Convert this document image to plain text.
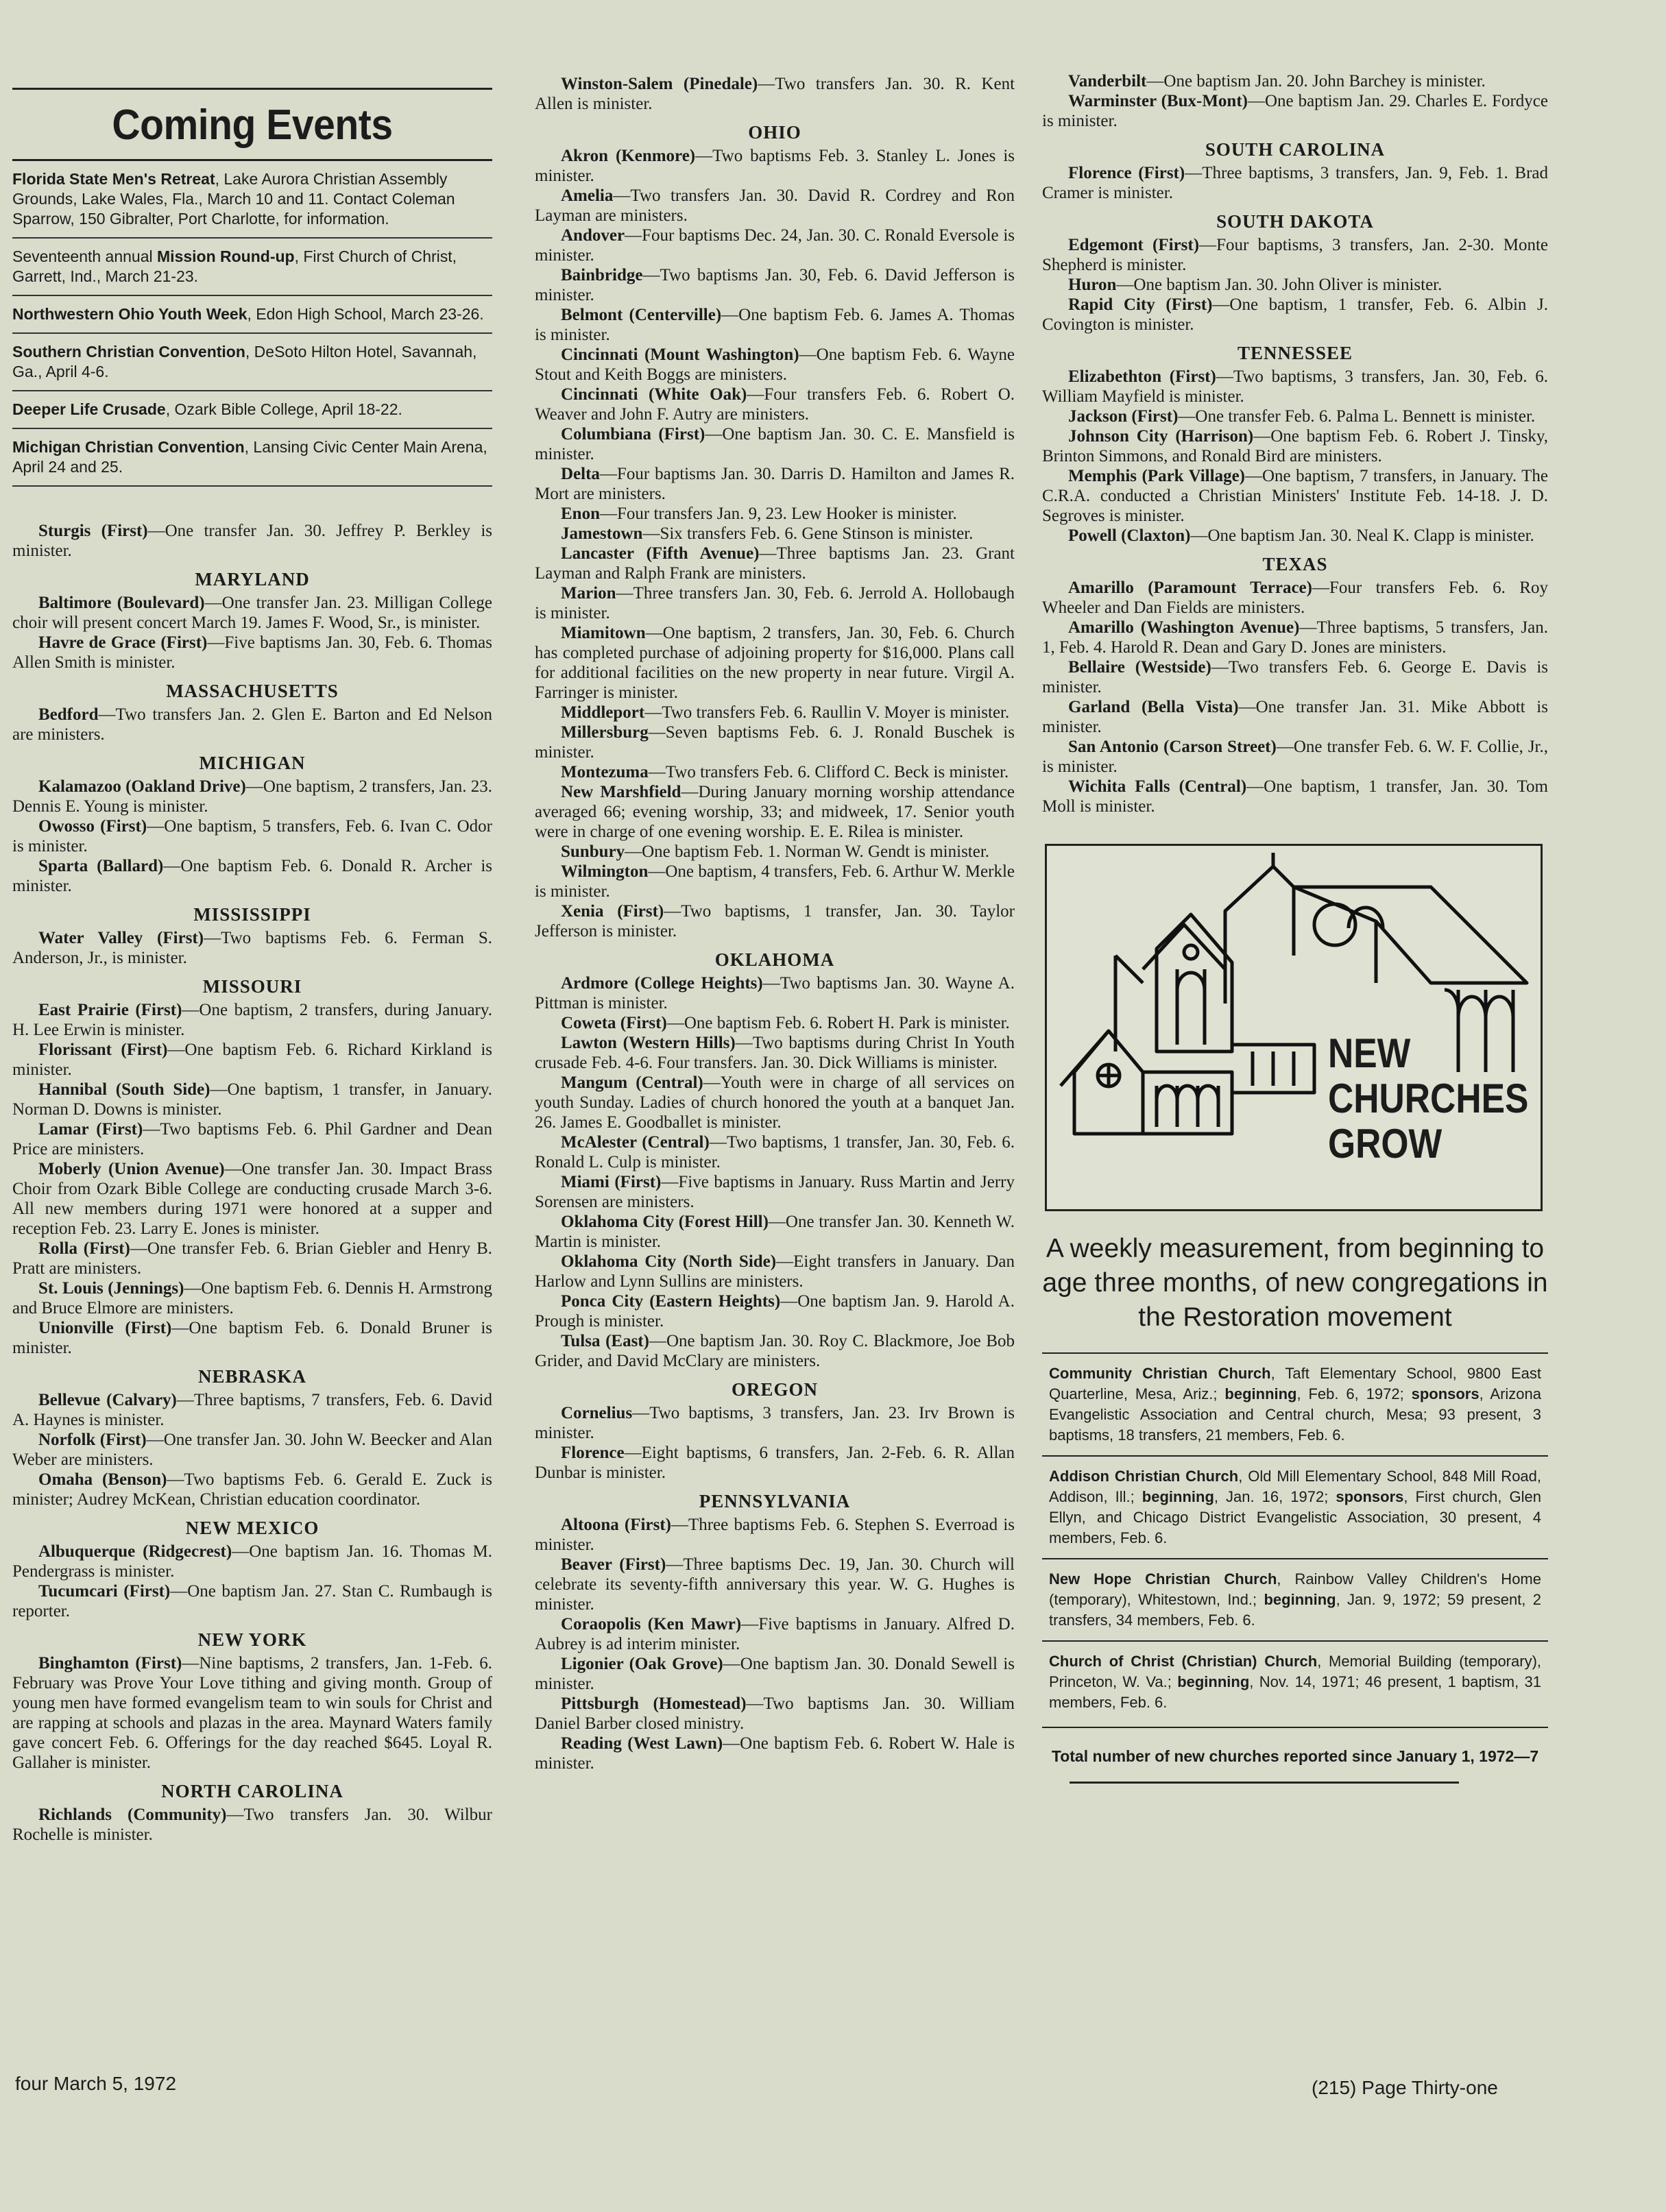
Coming Events
Florida State Men's Retreat, Lake Aurora Christian Assembly Grounds, Lake Wales, Fla., March 10 and 11. Contact Coleman Sparrow, 150 Gibralter, Port Charlotte, for information.
Seventeenth annual Mission Round-up, First Church of Christ, Garrett, Ind., March 21-23.
Northwestern Ohio Youth Week, Edon High School, March 23-26.
Southern Christian Convention, DeSoto Hilton Hotel, Savannah, Ga., April 4-6.
Deeper Life Crusade, Ozark Bible College, April 18-22.
Michigan Christian Convention, Lansing Civic Center Main Arena, April 24 and 25.

Sturgis (First)—One transfer Jan. 30. Jeffrey P. Berkley is minister.

MARYLAND

Baltimore (Boulevard)—One transfer Jan. 23. Milligan College choir will present concert March 19. James F. Wood, Sr., is minister.

Havre de Grace (First)—Five baptisms Jan. 30, Feb. 6. Thomas Allen Smith is minister.

MASSACHUSETTS

Bedford—Two transfers Jan. 2. Glen E. Barton and Ed Nelson are ministers.

MICHIGAN

Kalamazoo (Oakland Drive)—One baptism, 2 transfers, Jan. 23. Dennis E. Young is minister.

Owosso (First)—One baptism, 5 transfers, Feb. 6. Ivan C. Odor is minister.

Sparta (Ballard)—One baptism Feb. 6. Donald R. Archer is minister.

MISSISSIPPI

Water Valley (First)—Two baptisms Feb. 6. Ferman S. Anderson, Jr., is minister.

MISSOURI

East Prairie (First)—One baptism, 2 transfers, during January. H. Lee Erwin is minister.

Florissant (First)—One baptism Feb. 6. Richard Kirkland is minister.

Hannibal (South Side)—One baptism, 1 transfer, in January. Norman D. Downs is minister.

Lamar (First)—Two baptisms Feb. 6. Phil Gardner and Dean Price are ministers.

Moberly (Union Avenue)—One transfer Jan. 30. Impact Brass Choir from Ozark Bible College are conducting crusade March 3-6. All new members during 1971 were honored at a supper and reception Feb. 23. Larry E. Jones is minister.

Rolla (First)—One transfer Feb. 6. Brian Giebler and Henry B. Pratt are ministers.

St. Louis (Jennings)—One baptism Feb. 6. Dennis H. Armstrong and Bruce Elmore are ministers.

Unionville (First)—One baptism Feb. 6. Donald Bruner is minister.

NEBRASKA

Bellevue (Calvary)—Three baptisms, 7 transfers, Feb. 6. David A. Haynes is minister.

Norfolk (First)—One transfer Jan. 30. John W. Beecker and Alan Weber are ministers.

Omaha (Benson)—Two baptisms Feb. 6. Gerald E. Zuck is minister; Audrey McKean, Christian education coordinator.

NEW MEXICO

Albuquerque (Ridgecrest)—One baptism Jan. 16. Thomas M. Pendergrass is minister.

Tucumcari (First)—One baptism Jan. 27. Stan C. Rumbaugh is reporter.

NEW YORK

Binghamton (First)—Nine baptisms, 2 transfers, Jan. 1-Feb. 6. February was Prove Your Love tithing and giving month. Group of young men have formed evangelism team to win souls for Christ and are rapping at schools and plazas in the area. Maynard Waters family gave concert Feb. 6. Offerings for the day reached $645. Loyal R. Gallaher is minister.

NORTH CAROLINA

Richlands (Community)—Two transfers Jan. 30. Wilbur Rochelle is minister.

Winston-Salem (Pinedale)—Two transfers Jan. 30. R. Kent Allen is minister.

OHIO

Akron (Kenmore)—Two baptisms Feb. 3. Stanley L. Jones is minister.

Amelia—Two transfers Jan. 30. David R. Cordrey and Ron Layman are ministers.

Andover—Four baptisms Dec. 24, Jan. 30. C. Ronald Eversole is minister.

Bainbridge—Two baptisms Jan. 30, Feb. 6. David Jefferson is minister.

Belmont (Centerville)—One baptism Feb. 6. James A. Thomas is minister.

Cincinnati (Mount Washington)—One baptism Feb. 6. Wayne Stout and Keith Boggs are ministers.

Cincinnati (White Oak)—Four transfers Feb. 6. Robert O. Weaver and John F. Autry are ministers.

Columbiana (First)—One baptism Jan. 30. C. E. Mansfield is minister.

Delta—Four baptisms Jan. 30. Darris D. Hamilton and James R. Mort are ministers.

Enon—Four transfers Jan. 9, 23. Lew Hooker is minister.

Jamestown—Six transfers Feb. 6. Gene Stinson is minister.

Lancaster (Fifth Avenue)—Three baptisms Jan. 23. Grant Layman and Ralph Frank are ministers.

Marion—Three transfers Jan. 30, Feb. 6. Jerrold A. Hollobaugh is minister.

Miamitown—One baptism, 2 transfers, Jan. 30, Feb. 6. Church has completed purchase of adjoining property for $16,000. Plans call for additional facilities on the new property in near future. Virgil A. Farringer is minister.

Middleport—Two transfers Feb. 6. Raullin V. Moyer is minister.

Millersburg—Seven baptisms Feb. 6. J. Ronald Buschek is minister.

Montezuma—Two transfers Feb. 6. Clifford C. Beck is minister.

New Marshfield—During January morning worship attendance averaged 66; evening worship, 33; and midweek, 17. Senior youth were in charge of one evening worship. E. E. Rilea is minister.

Sunbury—One baptism Feb. 1. Norman W. Gendt is minister.

Wilmington—One baptism, 4 transfers, Feb. 6. Arthur W. Merkle is minister.

Xenia (First)—Two baptisms, 1 transfer, Jan. 30. Taylor Jefferson is minister.

OKLAHOMA

Ardmore (College Heights)—Two baptisms Jan. 30. Wayne A. Pittman is minister.

Coweta (First)—One baptism Feb. 6. Robert H. Park is minister.

Lawton (Western Hills)—Two baptisms during Christ In Youth crusade Feb. 4-6. Four transfers. Jan. 30. Dick Williams is minister.

Mangum (Central)—Youth were in charge of all services on youth Sunday. Ladies of church honored the youth at a banquet Jan. 26. James E. Goodballet is minister.

McAlester (Central)—Two baptisms, 1 transfer, Jan. 30, Feb. 6. Ronald L. Culp is minister.

Miami (First)—Five baptisms in January. Russ Martin and Jerry Sorensen are ministers.

Oklahoma City (Forest Hill)—One transfer Jan. 30. Kenneth W. Martin is minister.

Oklahoma City (North Side)—Eight transfers in January. Dan Harlow and Lynn Sullins are ministers.

Ponca City (Eastern Heights)—One baptism Jan. 9. Harold A. Prough is minister.

Tulsa (East)—One baptism Jan. 30. Roy C. Blackmore, Joe Bob Grider, and David McClary are ministers.

OREGON

Cornelius—Two baptisms, 3 transfers, Jan. 23. Irv Brown is minister.

Florence—Eight baptisms, 6 transfers, Jan. 2-Feb. 6. R. Allan Dunbar is minister.

PENNSYLVANIA

Altoona (First)—Three baptisms Feb. 6. Stephen S. Everroad is minister.

Beaver (First)—Three baptisms Dec. 19, Jan. 30. Church will celebrate its seventy-fifth anniversary this year. W. G. Hughes is minister.

Coraopolis (Ken Mawr)—Five baptisms in January. Alfred D. Aubrey is ad interim minister.

Ligonier (Oak Grove)—One baptism Jan. 30. Donald Sewell is minister.

Pittsburgh (Homestead)—Two baptisms Jan. 30. William Daniel Barber closed ministry.

Reading (West Lawn)—One baptism Feb. 6. Robert W. Hale is minister.

Vanderbilt—One baptism Jan. 20. John Barchey is minister.

Warminster (Bux-Mont)—One baptism Jan. 29. Charles E. Fordyce is minister.

SOUTH CAROLINA

Florence (First)—Three baptisms, 3 transfers, Jan. 9, Feb. 1. Brad Cramer is minister.

SOUTH DAKOTA

Edgemont (First)—Four baptisms, 3 transfers, Jan. 2-30. Monte Shepherd is minister.

Huron—One baptism Jan. 30. John Oliver is minister.

Rapid City (First)—One baptism, 1 transfer, Feb. 6. Albin J. Covington is minister.

TENNESSEE

Elizabethton (First)—Two baptisms, 3 transfers, Jan. 30, Feb. 6. William Mayfield is minister.

Jackson (First)—One transfer Feb. 6. Palma L. Bennett is minister.

Johnson City (Harrison)—One baptism Feb. 6. Robert J. Tinsky, Brinton Simmons, and Ronald Bird are ministers.

Memphis (Park Village)—One baptism, 7 transfers, in January. The C.R.A. conducted a Christian Ministers' Institute Feb. 14-18. J. D. Segroves is minister.

Powell (Claxton)—One baptism Jan. 30. Neal K. Clapp is minister.

TEXAS

Amarillo (Paramount Terrace)—Four transfers Feb. 6. Roy Wheeler and Dan Fields are ministers.

Amarillo (Washington Avenue)—Three baptisms, 5 transfers, Jan. 1, Feb. 4. Harold R. Dean and Gary D. Jones are ministers.

Bellaire (Westside)—Two transfers Feb. 6. George E. Davis is minister.

Garland (Bella Vista)—One transfer Jan. 31. Mike Abbott is minister.

San Antonio (Carson Street)—One transfer Feb. 6. W. F. Collie, Jr., is minister.

Wichita Falls (Central)—One baptism, 1 transfer, Jan. 30. Tom Moll is minister.

NEW
CHURCHES
GROW
A weekly measurement, from beginning to age three months, of new congregations in the Restoration movement
Community Christian Church, Taft Elementary School, 9800 East Quarterline, Mesa, Ariz.; beginning, Feb. 6, 1972; sponsors, Arizona Evangelistic Association and Central church, Mesa; 93 present, 3 baptisms, 18 transfers, 21 members, Feb. 6.
Addison Christian Church, Old Mill Elementary School, 848 Mill Road, Addison, Ill.; beginning, Jan. 16, 1972; sponsors, First church, Glen Ellyn, and Chicago District Evangelistic Association, 30 present, 4 members, Feb. 6.
New Hope Christian Church, Rainbow Valley Children's Home (temporary), Whitestown, Ind.; beginning, Jan. 9, 1972; 59 present, 2 transfers, 34 members, Feb. 6.
Church of Christ (Christian) Church, Memorial Building (temporary), Princeton, W. Va.; beginning, Nov. 14, 1971; 46 present, 1 baptism, 31 members, Feb. 6.
Total number of new churches reported since January 1, 1972—7
four March 5, 1972	(215) Page Thirty-one
